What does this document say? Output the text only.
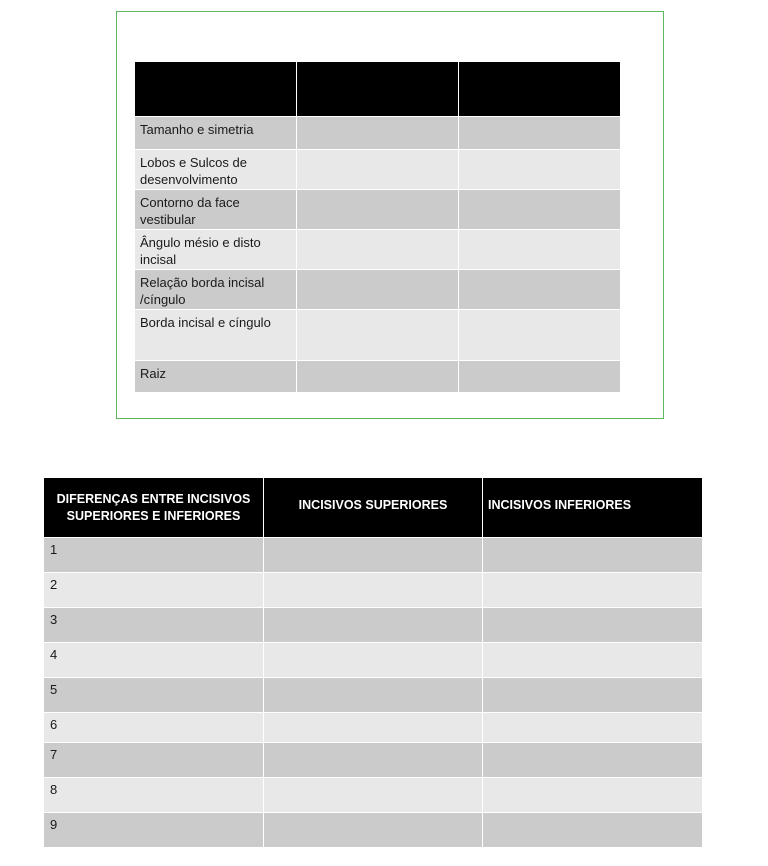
Tamanho e simetria		
Lobos e Sulcos de desenvolvimento		
Contorno da face vestibular		
Ângulo mésio e disto incisal		
Relação borda incisal /cíngulo		
Borda incisal e cíngulo		
Raiz		
DIFERENÇAS ENTRE INCISIVOS SUPERIORES E INFERIORES	INCISIVOS SUPERIORES	INCISIVOS INFERIORES
1		
2		
3		
4		
5		
6		
7		
8		
9		
